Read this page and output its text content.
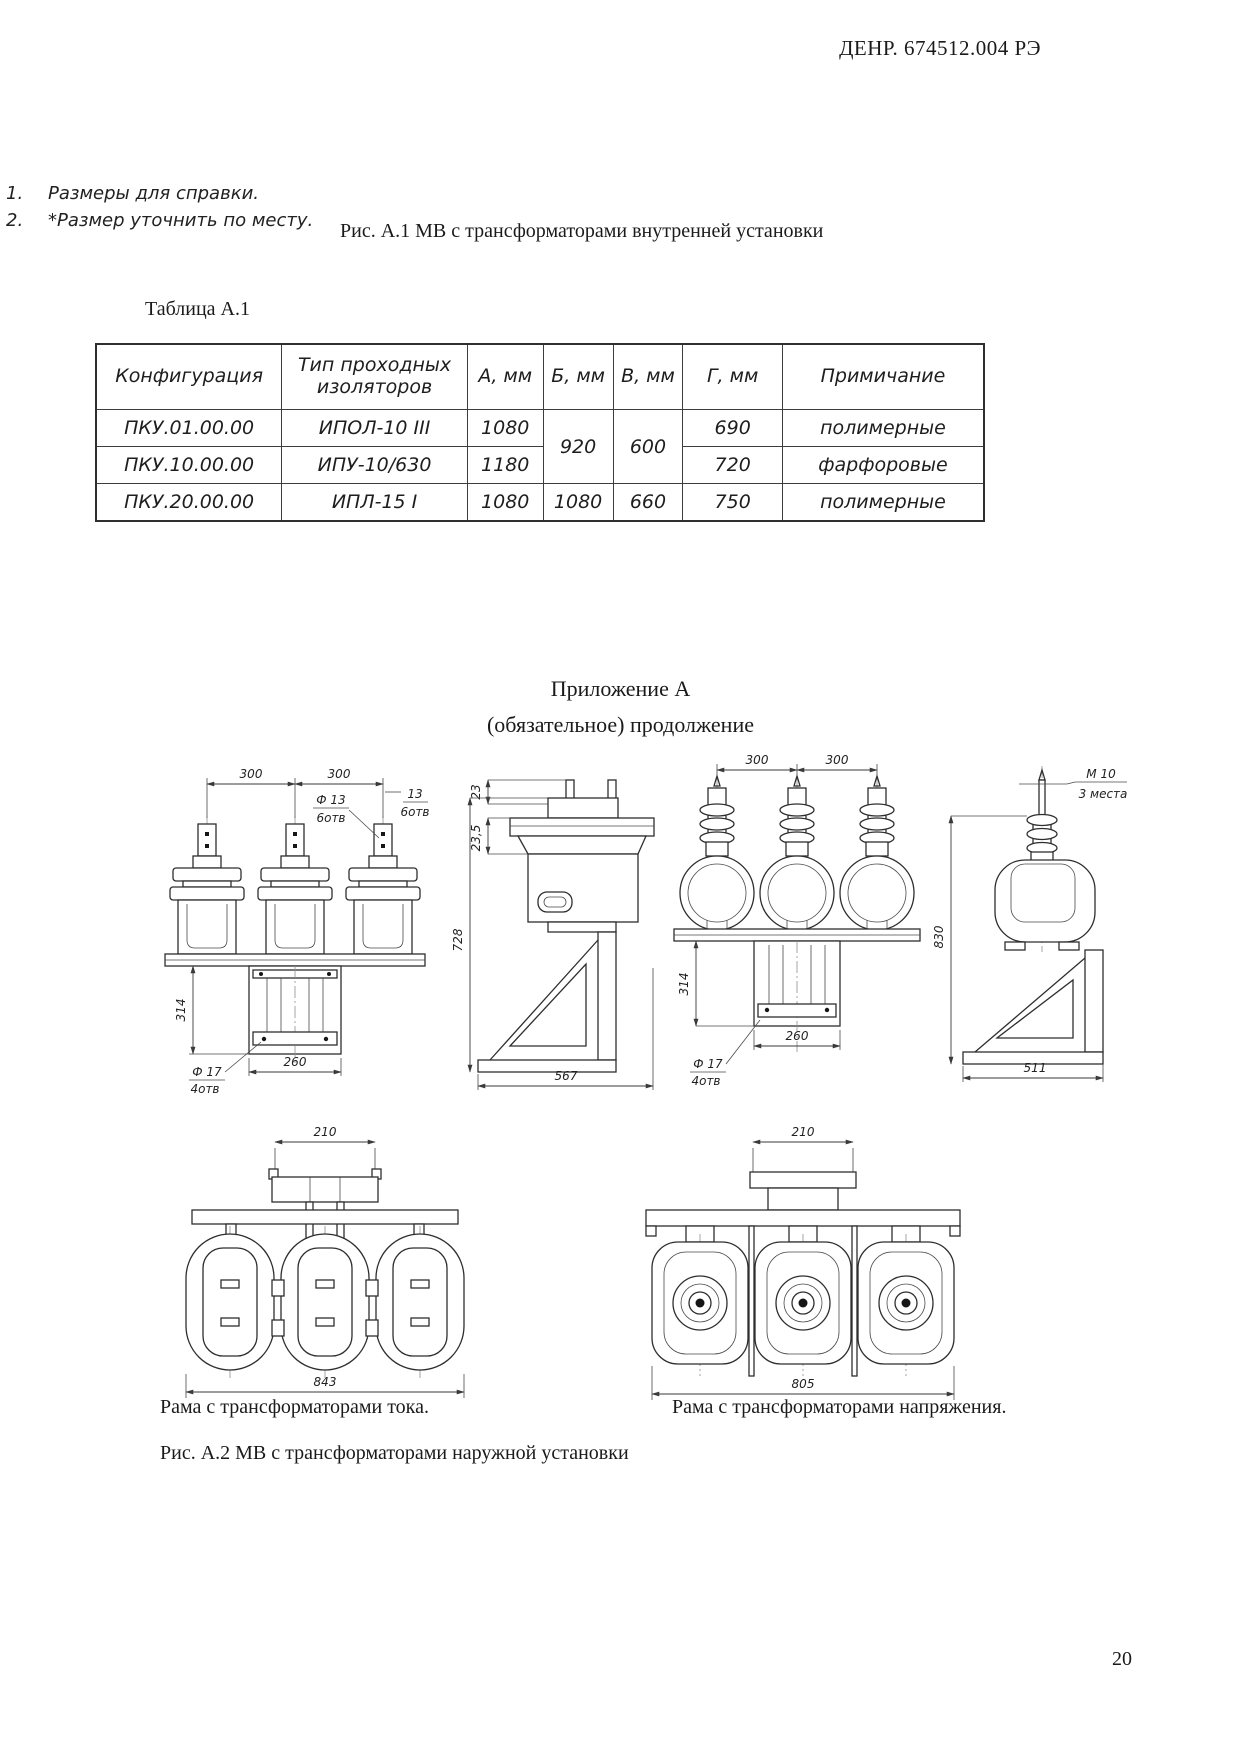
ДЕНР. 674512.004 РЭ
1.	Размеры для справки.
2.	*Размер уточнить по месту. Рис. А.1 МВ с трансформаторами внутренней установки
Таблица А.1
Конфигурация	Тип проходных изоляторов	А, мм	Б, мм	В, мм	Г, мм	Примичание
ПКУ.01.00.00	ИПОЛ-10 III	1080	920	600	690	полимерные
ПКУ.10.00.00	ИПУ-10/630	1180			720	фарфоровые
ПКУ.20.00.00	ИПЛ-15 I	1080	1080	660	750	полимерные
Приложение А
(обязательное) продолжение
300	300
Ф 13
6отв
13
6отв
314
260
Ф 17
4отв
23
23,5
728
567
300	300
314
260
Ф 17
4отв
М 10
3 места
830
511
210
843
210
805
Рама с трансформаторами тока.	Рама с трансформаторами напряжения.
Рис. А.2 МВ с трансформаторами наружной установки
20
